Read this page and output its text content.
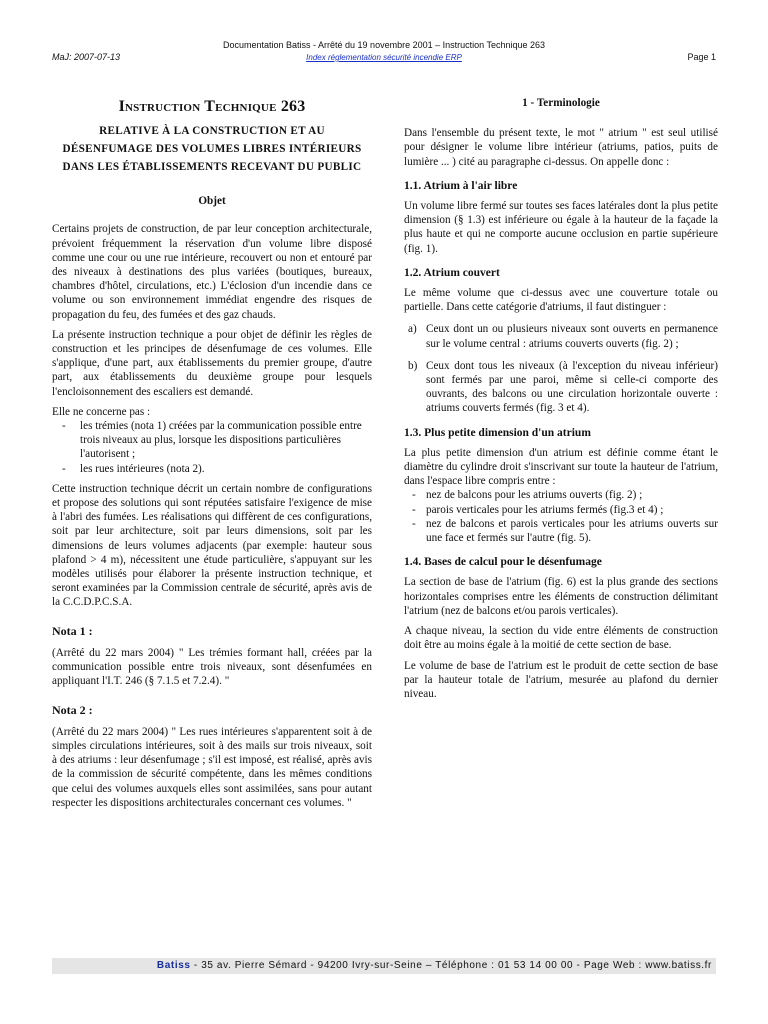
Documentation Batiss - Arrêté du 19 novembre 2001 – Instruction Technique 263
MaJ: 2007-07-13	Index réglementation sécurité incendie ERP	Page 1
Instruction Technique 263
RELATIVE À LA CONSTRUCTION ET AU
DÉSENFUMAGE DES VOLUMES LIBRES INTÉRIEURS
DANS LES ÉTABLISSEMENTS RECEVANT DU PUBLIC
Objet

Certains projets de construction, de par leur conception architecturale, prévoient fréquemment la réservation d'un volume libre disposé comme une cour ou une rue intérieure, recouvert ou non et entouré par des niveaux à destinations des plus variées (boutiques, bureaux, chambres d'hôtel, circulations, etc.) L'éclosion d'un incendie dans ce volume ou son environnement immédiat engendre des risques de propagation du feu, des fumées et des gaz chauds.

La présente instruction technique a pour objet de définir les règles de construction et les principes de désenfumage de ces volumes. Elle s'applique, d'une part, aux établissements du premier groupe, d'autre part, aux établissements du deuxième groupe pour lesquels l'encloisonnement des escaliers est demandé.

Elle ne concerne pas :

- les trémies (nota 1) créées par la communication possible entre trois niveaux au plus, lorsque les dispositions particulières l'autorisent ;
- les rues intérieures (nota 2).

Cette instruction technique décrit un certain nombre de configurations et propose des solutions qui sont réputées satisfaire l'exigence de mise à l'abri des fumées. Les réalisations qui diffèrent de ces configurations, soit par leur architecture, soit par leurs dimensions, soit par les dimensions de leurs volumes adjacents (par exemple: hauteur sous plafond > 4 m), nécessitent une étude particulière, s'appuyant sur les modèles utilisés pour élaborer la présente instruction technique, et seront examinées par la Commission centrale de sécurité, après avis de la C.C.D.P.C.S.A.

Nota 1 :

(Arrêté du 22 mars 2004) " Les trémies formant hall, créées par la communication possible entre trois niveaux, sont désenfumées en appliquant l'I.T. 246 (§ 7.1.5 et 7.2.4). "

Nota 2 :

(Arrêté du 22 mars 2004) " Les rues intérieures s'apparentent soit à de simples circulations intérieures, soit à des mails sur trois niveaux, soit à des atriums : leur désenfumage ; s'il est imposé, est réalisé, après avis de la commission de sécurité compétente, dans les mêmes conditions que celui des volumes auxquels elles sont assimilées, sans pour autant respecter les dispositions architecturales concernant ces volumes. "

1 - Terminologie

Dans l'ensemble du présent texte, le mot " atrium " est seul utilisé pour désigner le volume libre intérieur (atriums, patios, puits de lumière ... ) cité au paragraphe ci-dessus. On appelle donc :

1.1. Atrium à l'air libre

Un volume libre fermé sur toutes ses faces latérales dont la plus petite dimension (§ 1.3) est inférieure ou égale à la hauteur de la façade la plus haute et qui ne comporte aucune occlusion en partie supérieure (fig. 1).

1.2. Atrium couvert

Le même volume que ci-dessus avec une couverture totale ou partielle. Dans cette catégorie d'atriums, il faut distinguer :

a) Ceux dont un ou plusieurs niveaux sont ouverts en permanence sur le volume central : atriums couverts ouverts (fig. 2) ;
b) Ceux dont tous les niveaux (à l'exception du niveau inférieur) sont fermés par une paroi, même si celle-ci comporte des ouvrants, des balcons ou une circulation horizontale ouverte : atriums couverts fermés (fig. 3 et 4).
1.3. Plus petite dimension d'un atrium

La plus petite dimension d'un atrium est définie comme étant le diamètre du cylindre droit s'inscrivant sur toute la hauteur de l'atrium, dans l'espace libre compris entre :

- nez de balcons pour les atriums ouverts (fig. 2) ;
- parois verticales pour les atriums fermés (fig.3 et 4) ;
- nez de balcons et parois verticales pour les atriums ouverts sur une face et fermés sur l'autre (fig. 5).
1.4. Bases de calcul pour le désenfumage

La section de base de l'atrium (fig. 6) est la plus grande des sections horizontales comprises entre les éléments de construction délimitant l'atrium (nez de balcons et/ou parois verticales).

A chaque niveau, la section du vide entre éléments de construction doit être au moins égale à la moitié de cette section de base.

Le volume de base de l'atrium est le produit de cette section de base par la hauteur totale de l'atrium, mesurée au plafond du dernier niveau.

Batiss - 35 av. Pierre Sémard - 94200 Ivry-sur-Seine – Téléphone : 01 53 14 00 00 - Page Web : www.batiss.fr
